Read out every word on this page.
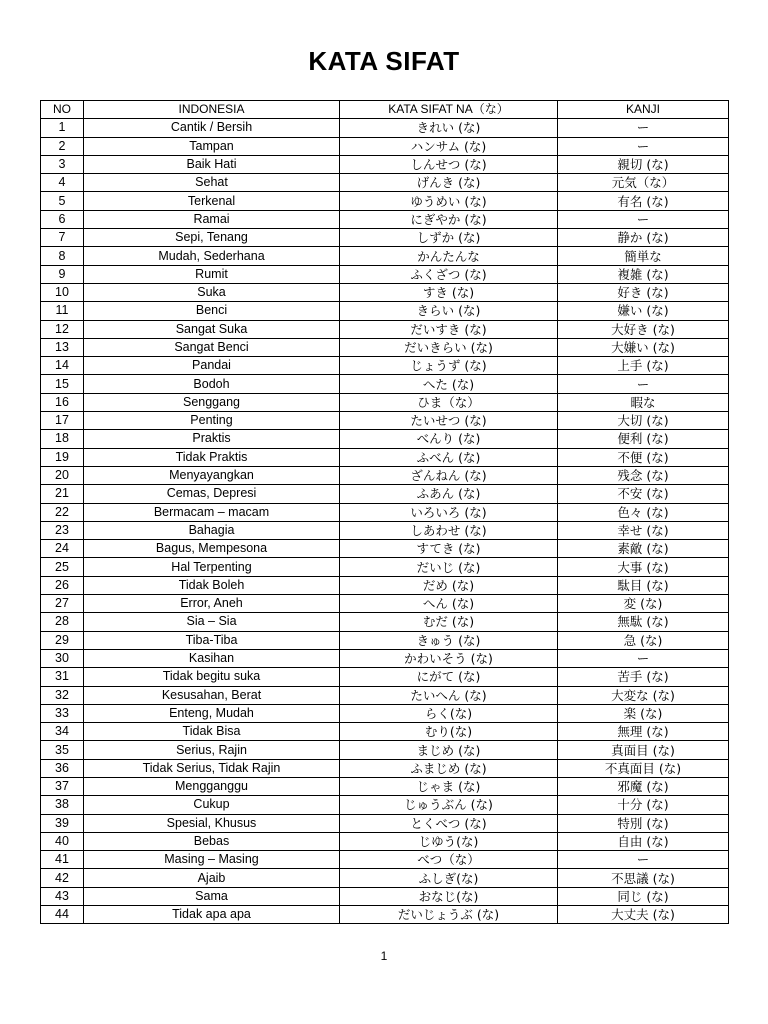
KATA SIFAT
NO	INDONESIA	KATA SIFAT NA（な）	KANJI
1	Cantik / Bersih	きれい (な)	ー
2	Tampan	ハンサム (な)	ー
3	Baik Hati	しんせつ (な)	親切 (な)
4	Sehat	げんき (な)	元気（な）
5	Terkenal	ゆうめい (な)	有名 (な)
6	Ramai	にぎやか (な)	ー
7	Sepi, Tenang	しずか (な)	静か (な)
8	Mudah, Sederhana	かんたんな	簡単な
9	Rumit	ふくざつ (な)	複雑 (な)
10	Suka	すき (な)	好き (な)
11	Benci	きらい (な)	嫌い (な)
12	Sangat Suka	だいすき (な)	大好き (な)
13	Sangat Benci	だいきらい (な)	大嫌い (な)
14	Pandai	じょうず (な)	上手 (な)
15	Bodoh	へた (な)	ー
16	Senggang	ひま（な）	暇な
17	Penting	たいせつ (な)	大切 (な)
18	Praktis	べんり (な)	便利 (な)
19	Tidak Praktis	ふべん (な)	不便 (な)
20	Menyayangkan	ざんねん (な)	残念 (な)
21	Cemas, Depresi	ふあん (な)	不安 (な)
22	Bermacam – macam	いろいろ (な)	色々 (な)
23	Bahagia	しあわせ (な)	幸せ (な)
24	Bagus, Mempesona	すてき (な)	素敵 (な)
25	Hal Terpenting	だいじ (な)	大事 (な)
26	Tidak Boleh	だめ (な)	駄目 (な)
27	Error, Aneh	へん (な)	変 (な)
28	Sia – Sia	むだ (な)	無駄 (な)
29	Tiba-Tiba	きゅう (な)	急 (な)
30	Kasihan	かわいそう (な)	ー
31	Tidak begitu suka	にがて (な)	苦手 (な)
32	Kesusahan, Berat	たいへん (な)	大変な (な)
33	Enteng, Mudah	らく(な)	楽 (な)
34	Tidak Bisa	むり(な)	無理 (な)
35	Serius, Rajin	まじめ (な)	真面目 (な)
36	Tidak Serius, Tidak Rajin	ふまじめ (な)	不真面目 (な)
37	Mengganggu	じゃま (な)	邪魔 (な)
38	Cukup	じゅうぶん (な)	十分 (な)
39	Spesial, Khusus	とくべつ (な)	特別 (な)
40	Bebas	じゆう(な)	自由 (な)
41	Masing – Masing	べつ（な）	ー
42	Ajaib	ふしぎ(な)	不思議 (な)
43	Sama	おなじ(な)	同じ (な)
44	Tidak apa apa	だいじょうぶ (な)	大丈夫 (な)
1
